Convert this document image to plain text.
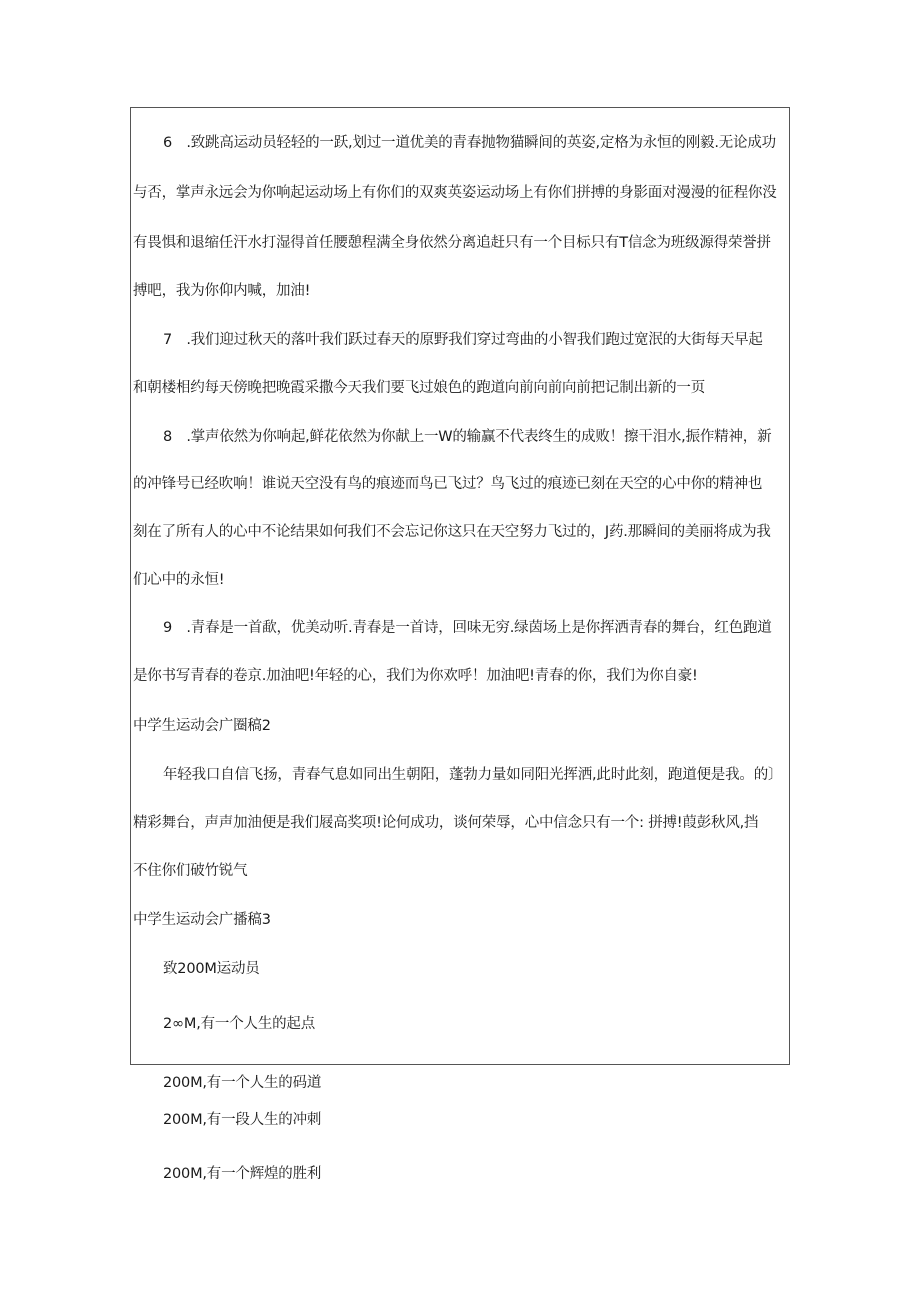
6　.致跳高运动员轻轻的一跃,划过一道优美的青春抛物猫瞬间的英姿,定格为永恒的刚毅.无论成功
与否，掌声永远会为你响起运动场上有你们的双爽英姿运动场上有你们拼搏的身影面对漫漫的征程你没
有畏惧和退缩任汗水打湿得首任腰憩程满全身依然分离追赶只有一个目标只有T信念为班级源得荣誉拼
搏吧，我为你仰内喊，加油!
7　.我们迎过秋天的落叶我们跃过春天的原野我们穿过弯曲的小智我们跑过宽泯的大街每天早起
和朝楼相约每天傍晚把晚霞采撒今天我们要飞过娘色的跑道向前向前向前把记制出新的一页
8　.掌声依然为你响起,鲜花依然为你献上一W的输赢不代表终生的成败！擦干泪水,振作精神，新
的冲锋号已经吹响！谁说天空没有鸟的痕迹而鸟已飞过？鸟飞过的痕迹已刻在天空的心中你的精神也
刻在了所有人的心中不论结果如何我们不会忘记你这只在天空努力飞过的，J药.那瞬间的美丽将成为我
们心中的永恒!
9　.青春是一首歃，优美动听.青春是一首诗，回味无穷.绿茵场上是你挥洒青春的舞台，红色跑道
是你书写青春的卷京.加油吧!年轻的心，我们为你欢呼！加油吧!青春的你，我们为你自豪!
中学生运动会广圈稿2
年轻我口自信飞扬，青春气息如同出生朝阳，蓬勃力量如同阳光挥洒,此时此刻，跑道便是我。的〕
精彩舞台，声声加油便是我们屐高奖项!论何成功，谈何荣辱，心中信念只有一个: 拼搏!葭彭秋风,挡
不住你们破竹锐气
中学生运动会广播稿3
致200M运动员
2∞M,有一个人生的起点
200M,有一个人生的码道
200M,有一段人生的冲刺
200M,有一个辉煌的胜利
